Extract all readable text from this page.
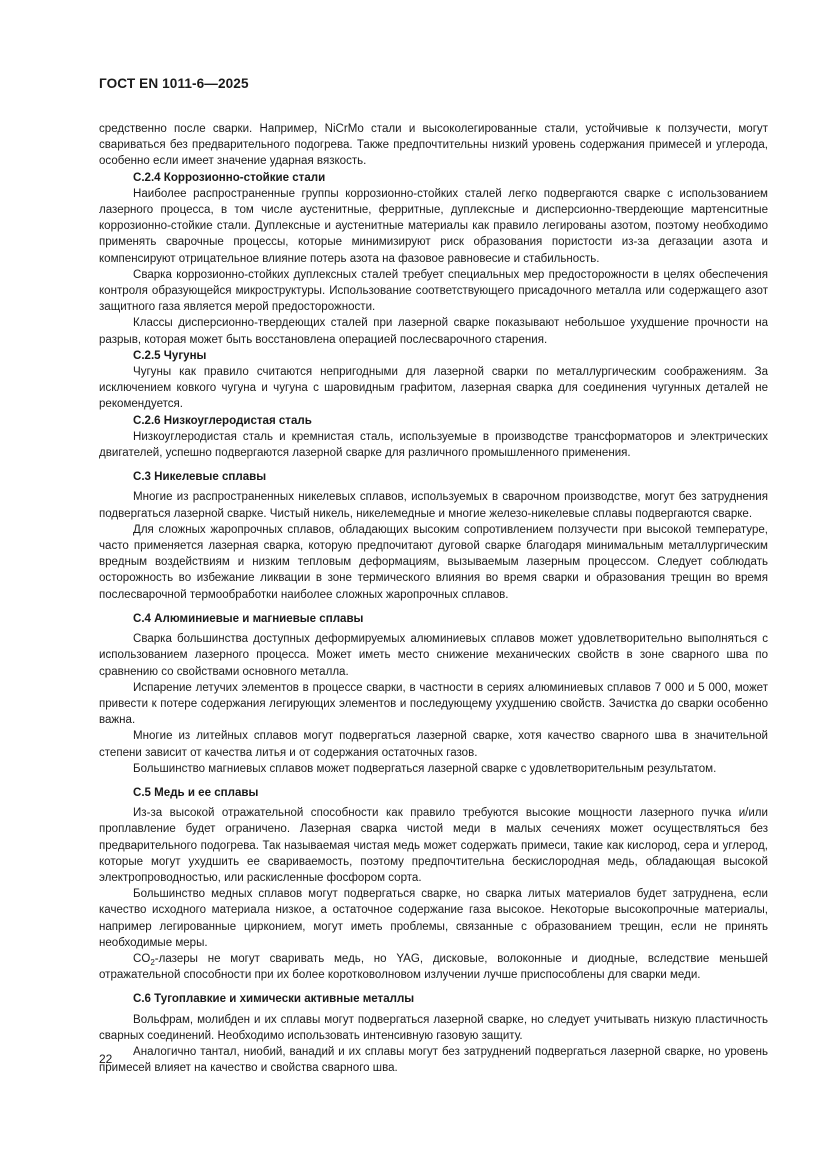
ГОСТ EN 1011-6—2025

средственно после сварки. Например, NiCrMo стали и высоколегированные стали, устойчивые к ползучести, могут свариваться без предварительного подогрева. Также предпочтительны низкий уровень содержания примесей и углерода, особенно если имеет значение ударная вязкость.

С.2.4 Коррозионно-стойкие стали

Наиболее распространенные группы коррозионно-стойких сталей легко подвергаются сварке с использованием лазерного процесса, в том числе аустенитные, ферритные, дуплексные и дисперсионно-твердеющие мартенситные коррозионно-стойкие стали. Дуплексные и аустенитные материалы как правило легированы азотом, поэтому необходимо применять сварочные процессы, которые минимизируют риск образования пористости из-за дегазации азота и компенсируют отрицательное влияние потерь азота на фазовое равновесие и стабильность.

Сварка коррозионно-стойких дуплексных сталей требует специальных мер предосторожности в целях обеспечения контроля образующейся микроструктуры. Использование соответствующего присадочного металла или содержащего азот защитного газа является мерой предосторожности.

Классы дисперсионно-твердеющих сталей при лазерной сварке показывают небольшое ухудшение прочности на разрыв, которая может быть восстановлена операцией послесварочного старения.

С.2.5 Чугуны

Чугуны как правило считаются непригодными для лазерной сварки по металлургическим соображениям. За исключением ковкого чугуна и чугуна с шаровидным графитом, лазерная сварка для соединения чугунных деталей не рекомендуется.

С.2.6 Низкоуглеродистая сталь

Низкоуглеродистая сталь и кремнистая сталь, используемые в производстве трансформаторов и электрических двигателей, успешно подвергаются лазерной сварке для различного промышленного применения.

С.3 Никелевые сплавы

Многие из распространенных никелевых сплавов, используемых в сварочном производстве, могут без затруднения подвергаться лазерной сварке. Чистый никель, никелемедные и многие железо-никелевые сплавы подвергаются сварке.

Для сложных жаропрочных сплавов, обладающих высоким сопротивлением ползучести при высокой температуре, часто применяется лазерная сварка, которую предпочитают дуговой сварке благодаря минимальным металлургическим вредным воздействиям и низким тепловым деформациям, вызываемым лазерным процессом. Следует соблюдать осторожность во избежание ликвации в зоне термического влияния во время сварки и образования трещин во время послесварочной термообработки наиболее сложных жаропрочных сплавов.

С.4 Алюминиевые и магниевые сплавы

Сварка большинства доступных деформируемых алюминиевых сплавов может удовлетворительно выполняться с использованием лазерного процесса. Может иметь место снижение механических свойств в зоне сварного шва по сравнению со свойствами основного металла.

Испарение летучих элементов в процессе сварки, в частности в сериях алюминиевых сплавов 7 000 и 5 000, может привести к потере содержания легирующих элементов и последующему ухудшению свойств. Зачистка до сварки особенно важна.

Многие из литейных сплавов могут подвергаться лазерной сварке, хотя качество сварного шва в значительной степени зависит от качества литья и от содержания остаточных газов.

Большинство магниевых сплавов может подвергаться лазерной сварке с удовлетворительным результатом.

С.5 Медь и ее сплавы

Из-за высокой отражательной способности как правило требуются высокие мощности лазерного пучка и/или проплавление будет ограничено. Лазерная сварка чистой меди в малых сечениях может осуществляться без предварительного подогрева. Так называемая чистая медь может содержать примеси, такие как кислород, сера и углерод, которые могут ухудшить ее свариваемость, поэтому предпочтительна бескислородная медь, обладающая высокой электропроводностью, или раскисленные фосфором сорта.

Большинство медных сплавов могут подвергаться сварке, но сварка литых материалов будет затруднена, если качество исходного материала низкое, а остаточное содержание газа высокое. Некоторые высокопрочные материалы, например легированные цирконием, могут иметь проблемы, связанные с образованием трещин, если не принять необходимые меры.

$CO_2$-лазеры не могут сваривать медь, но YAG, дисковые, волоконные и диодные, вследствие меньшей отражательной способности при их более коротковолновом излучении лучше приспособлены для сварки меди.

С.6 Тугоплавкие и химически активные металлы

Вольфрам, молибден и их сплавы могут подвергаться лазерной сварке, но следует учитывать низкую пластичность сварных соединений. Необходимо использовать интенсивную газовую защиту.

Аналогично тантал, ниобий, ванадий и их сплавы могут без затруднений подвергаться лазерной сварке, но уровень примесей влияет на качество и свойства сварного шва.

22
